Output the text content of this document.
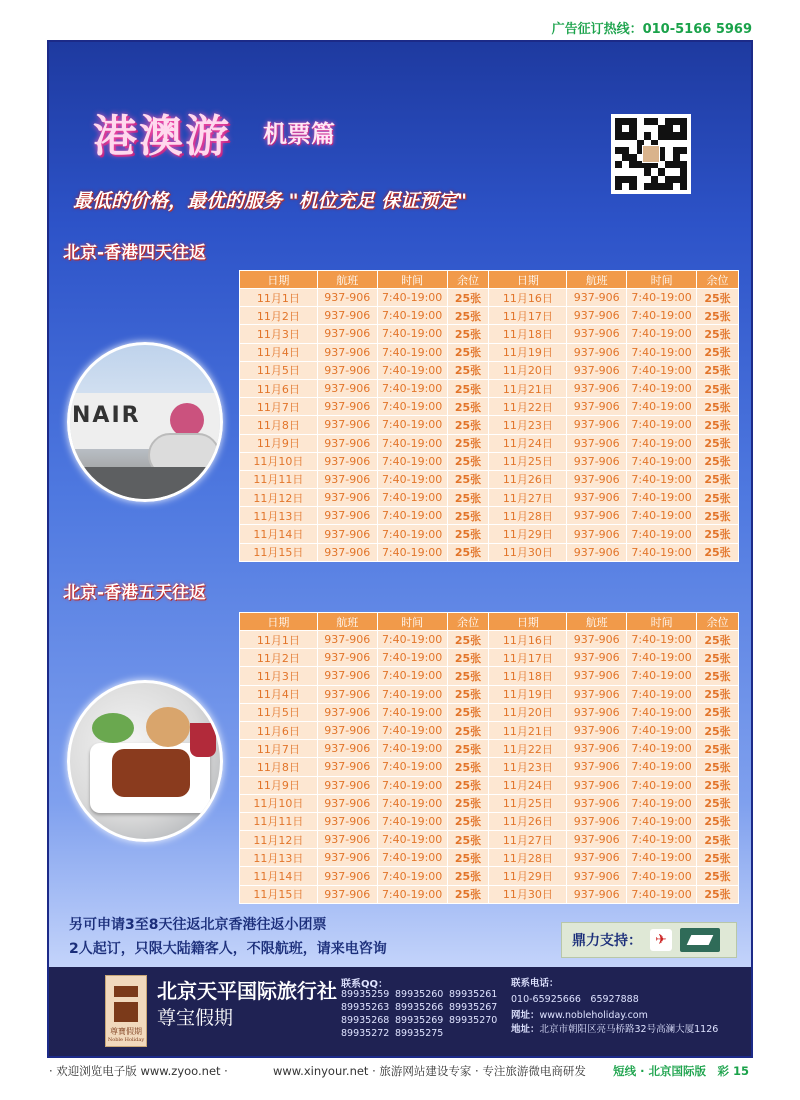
广告征订热线：010-5166 5969
港澳游 机票篇
最低的价格，最优的服务 "机位充足 保证预定"
北京-香港四天往返
NAIR
日期	航班	时间	余位	日期	航班	时间	余位
11月1日	937-906	7:40-19:00	25张	11月16日	937-906	7:40-19:00	25张
11月2日	937-906	7:40-19:00	25张	11月17日	937-906	7:40-19:00	25张
11月3日	937-906	7:40-19:00	25张	11月18日	937-906	7:40-19:00	25张
11月4日	937-906	7:40-19:00	25张	11月19日	937-906	7:40-19:00	25张
11月5日	937-906	7:40-19:00	25张	11月20日	937-906	7:40-19:00	25张
11月6日	937-906	7:40-19:00	25张	11月21日	937-906	7:40-19:00	25张
11月7日	937-906	7:40-19:00	25张	11月22日	937-906	7:40-19:00	25张
11月8日	937-906	7:40-19:00	25张	11月23日	937-906	7:40-19:00	25张
11月9日	937-906	7:40-19:00	25张	11月24日	937-906	7:40-19:00	25张
11月10日	937-906	7:40-19:00	25张	11月25日	937-906	7:40-19:00	25张
11月11日	937-906	7:40-19:00	25张	11月26日	937-906	7:40-19:00	25张
11月12日	937-906	7:40-19:00	25张	11月27日	937-906	7:40-19:00	25张
11月13日	937-906	7:40-19:00	25张	11月28日	937-906	7:40-19:00	25张
11月14日	937-906	7:40-19:00	25张	11月29日	937-906	7:40-19:00	25张
11月15日	937-906	7:40-19:00	25张	11月30日	937-906	7:40-19:00	25张
北京-香港五天往返
日期	航班	时间	余位	日期	航班	时间	余位
11月1日	937-906	7:40-19:00	25张	11月16日	937-906	7:40-19:00	25张
11月2日	937-906	7:40-19:00	25张	11月17日	937-906	7:40-19:00	25张
11月3日	937-906	7:40-19:00	25张	11月18日	937-906	7:40-19:00	25张
11月4日	937-906	7:40-19:00	25张	11月19日	937-906	7:40-19:00	25张
11月5日	937-906	7:40-19:00	25张	11月20日	937-906	7:40-19:00	25张
11月6日	937-906	7:40-19:00	25张	11月21日	937-906	7:40-19:00	25张
11月7日	937-906	7:40-19:00	25张	11月22日	937-906	7:40-19:00	25张
11月8日	937-906	7:40-19:00	25张	11月23日	937-906	7:40-19:00	25张
11月9日	937-906	7:40-19:00	25张	11月24日	937-906	7:40-19:00	25张
11月10日	937-906	7:40-19:00	25张	11月25日	937-906	7:40-19:00	25张
11月11日	937-906	7:40-19:00	25张	11月26日	937-906	7:40-19:00	25张
11月12日	937-906	7:40-19:00	25张	11月27日	937-906	7:40-19:00	25张
11月13日	937-906	7:40-19:00	25张	11月28日	937-906	7:40-19:00	25张
11月14日	937-906	7:40-19:00	25张	11月29日	937-906	7:40-19:00	25张
11月15日	937-906	7:40-19:00	25张	11月30日	937-906	7:40-19:00	25张
另可申请3至8天往返北京香港往返小团票
2人起订，只限大陆籍客人，不限航班，请来电咨询	鼎力支持： ✈
尊寶假期
Noble Holiday
北京天平国际旅行社
尊宝假期
联系QQ：
89935259 89935260 89935261
89935263 89935266 89935267
89935268 89935269 89935270
89935272 89935275
联系电话：
010-65925666　65927888
网址：www.nobleholiday.com
地址：北京市朝阳区亮马桥路32号高澜大厦1126
· 欢迎浏览电子版 www.zyoo.net ·	www.xinyour.net · 旅游网站建设专家 · 专注旅游微电商研发 短线 · 北京国际版　彩 15
